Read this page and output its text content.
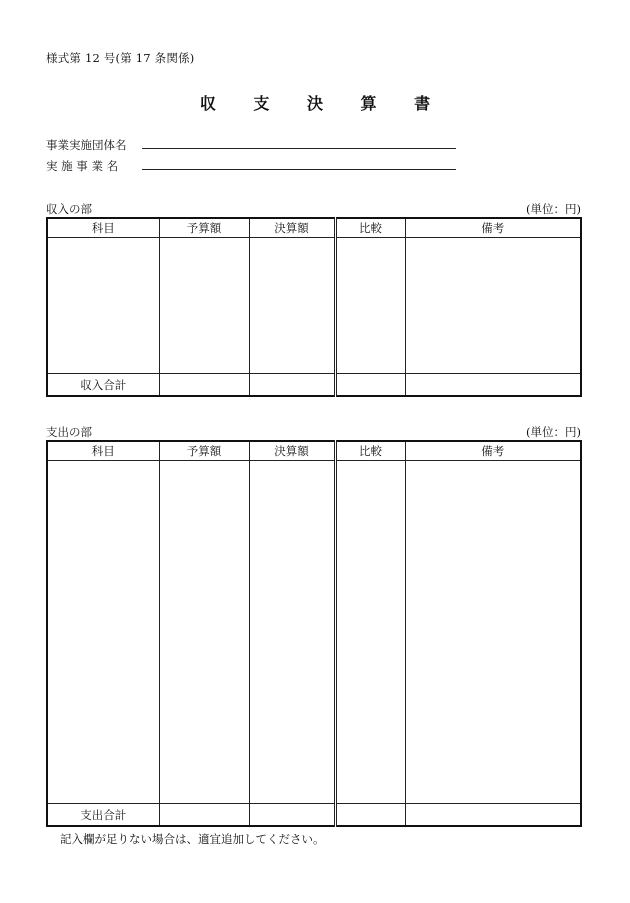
様式第 12 号(第 17 条関係)
収 支 決 算 書
事業実施団体名
実 施 事 業 名
収入の部	(単位：円)
科目	予算額	決算額	比較	備考

収入合計				
支出の部	(単位：円)
科目	予算額	決算額	比較	備考

支出合計				
記入欄が足りない場合は、適宜追加してください。
